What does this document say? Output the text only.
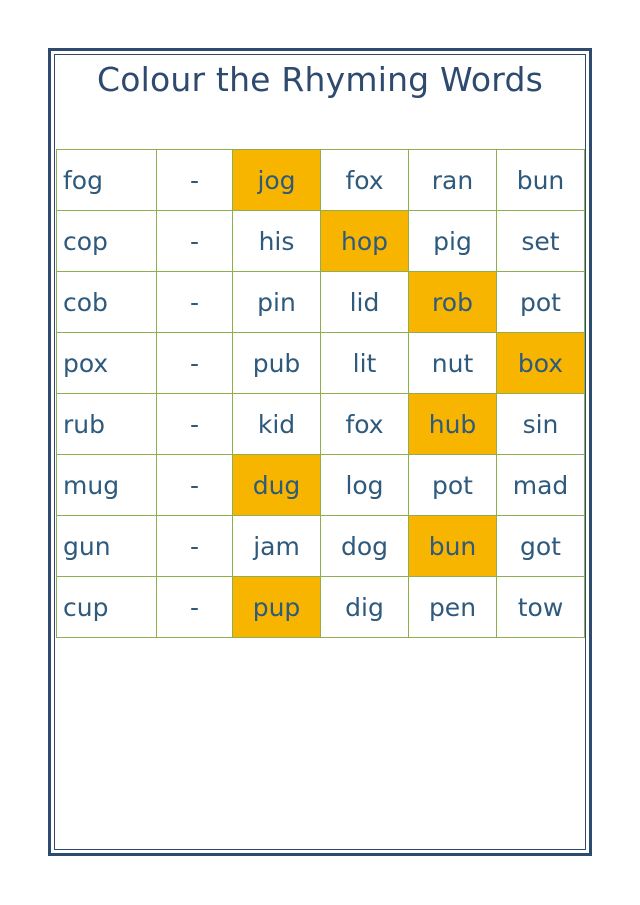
Colour the Rhyming Words
fog	-	jog	fox	ran	bun
cop	-	his	hop	pig	set
cob	-	pin	lid	rob	pot
pox	-	pub	lit	nut	box
rub	-	kid	fox	hub	sin
mug	-	dug	log	pot	mad
gun	-	jam	dog	bun	got
cup	-	pup	dig	pen	tow
